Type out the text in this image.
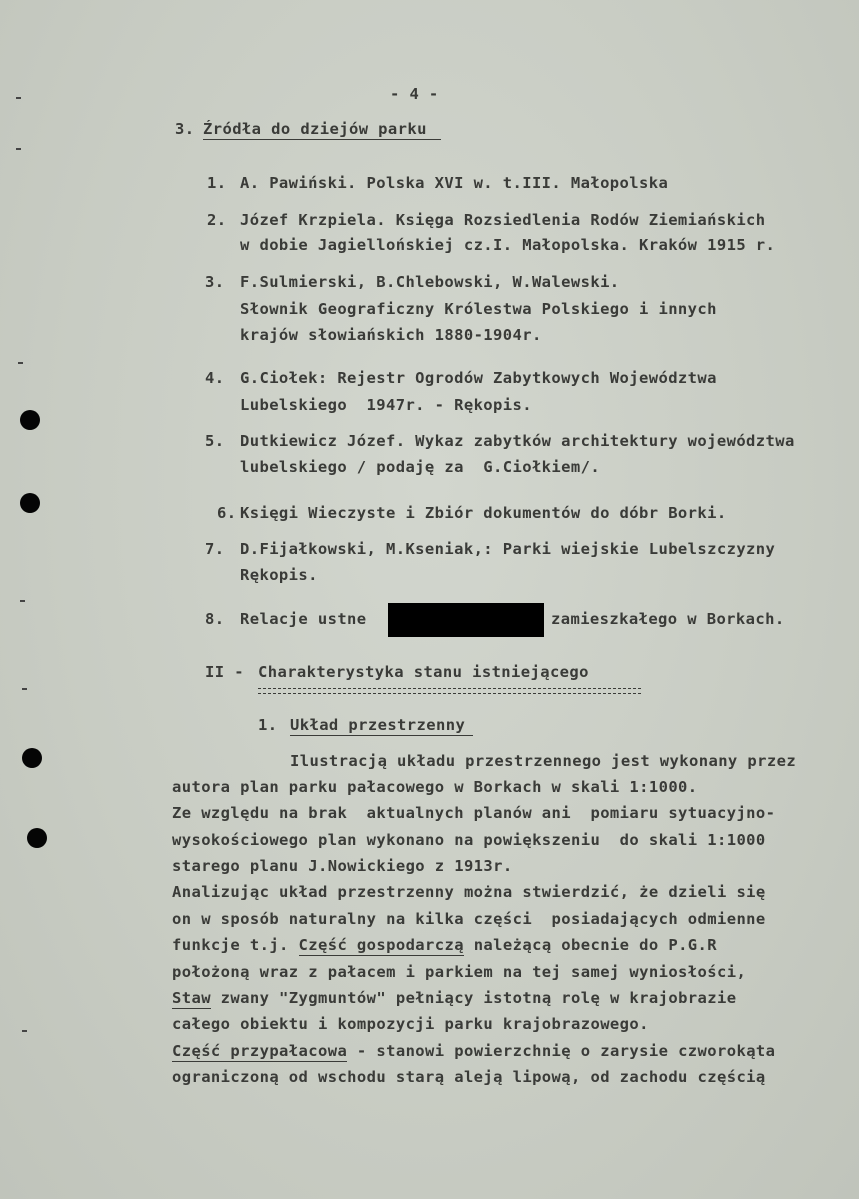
- 4 -
3. Źródła do dziejów parku
1. A. Pawiński. Polska XVI w. t.III. Małopolska
2. Józef Krzpiela. Księga Rozsiedlenia Rodów Ziemiańskich
w dobie Jagiellońskiej cz.I. Małopolska. Kraków 1915 r.
3. F.Sulmierski, B.Chlebowski, W.Walewski.
Słownik Geograficzny Królestwa Polskiego i innych
krajów słowiańskich 1880-1904r.
4. G.Ciołek: Rejestr Ogrodów Zabytkowych Województwa
Lubelskiego  1947r. - Rękopis.
5. Dutkiewicz Józef. Wykaz zabytków architektury województwa
lubelskiego / podaję za  G.Ciołkiem/.
6. Księgi Wieczyste i Zbiór dokumentów do dóbr Borki.
7. D.Fijałkowski, M.Kseniak,: Parki wiejskie Lubelszczyzny
Rękopis.
8. Relacje ustne	zamieszkałego w Borkach.
II - Charakterystyka stanu istniejącego
1. Układ przestrzenny
Ilustracją układu przestrzennego jest wykonany przez
autora plan parku pałacowego w Borkach w skali 1:1000.
Ze względu na brak  aktualnych planów ani  pomiaru sytuacyjno-
wysokościowego plan wykonano na powiększeniu  do skali 1:1000
starego planu J.Nowickiego z 1913r.
Analizując układ przestrzenny można stwierdzić, że dzieli się
on w sposób naturalny na kilka części  posiadających odmienne
funkcje t.j. Część gospodarczą należącą obecnie do P.G.R
położoną wraz z pałacem i parkiem na tej samej wyniosłości,
Staw zwany "Zygmuntów" pełniący istotną rolę w krajobrazie
całego obiektu i kompozycji parku krajobrazowego.
Część przypałacowa - stanowi powierzchnię o zarysie czworokąta
ograniczoną od wschodu starą aleją lipową, od zachodu częścią
